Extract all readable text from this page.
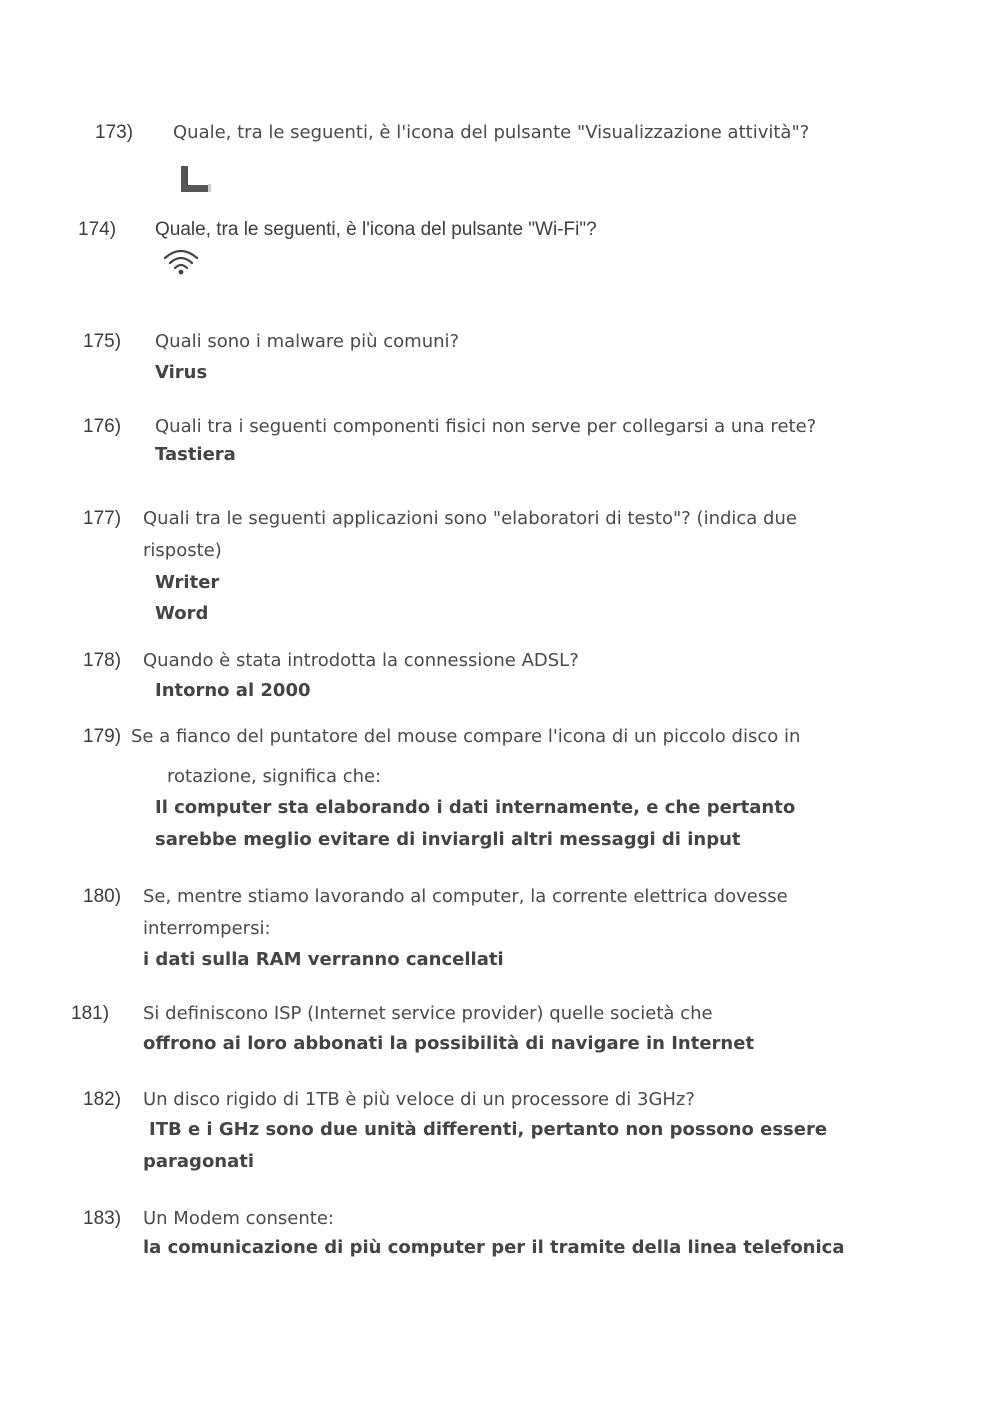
173) Quale, tra le seguenti, è l'icona del pulsante "Visualizzazione attività"?
174) Quale, tra le seguenti, è l'icona del pulsante "Wi-Fi"?
175) Quali sono i malware più comuni?
Virus
176) Quali tra i seguenti componenti fisici non serve per collegarsi a una rete?
Tastiera
177) Quali tra le seguenti applicazioni sono "elaboratori di testo"? (indica due
risposte)
Writer
Word
178) Quando è stata introdotta la connessione ADSL?
Intorno al 2000
179) Se a fianco del puntatore del mouse compare l'icona di un piccolo disco in
rotazione, significa che:
Il computer sta elaborando i dati internamente, e che pertanto
sarebbe meglio evitare di inviargli altri messaggi di input
180) Se, mentre stiamo lavorando al computer, la corrente elettrica dovesse
interrompersi:
i dati sulla RAM verranno cancellati
181) Si definiscono ISP (Internet service provider) quelle società che
offrono ai loro abbonati la possibilità di navigare in Internet
182) Un disco rigido di 1TB è più veloce di un processore di 3GHz?
ITB e i GHz sono due unità differenti, pertanto non possono essere
paragonati
183) Un Modem consente:
la comunicazione di più computer per il tramite della linea telefonica
